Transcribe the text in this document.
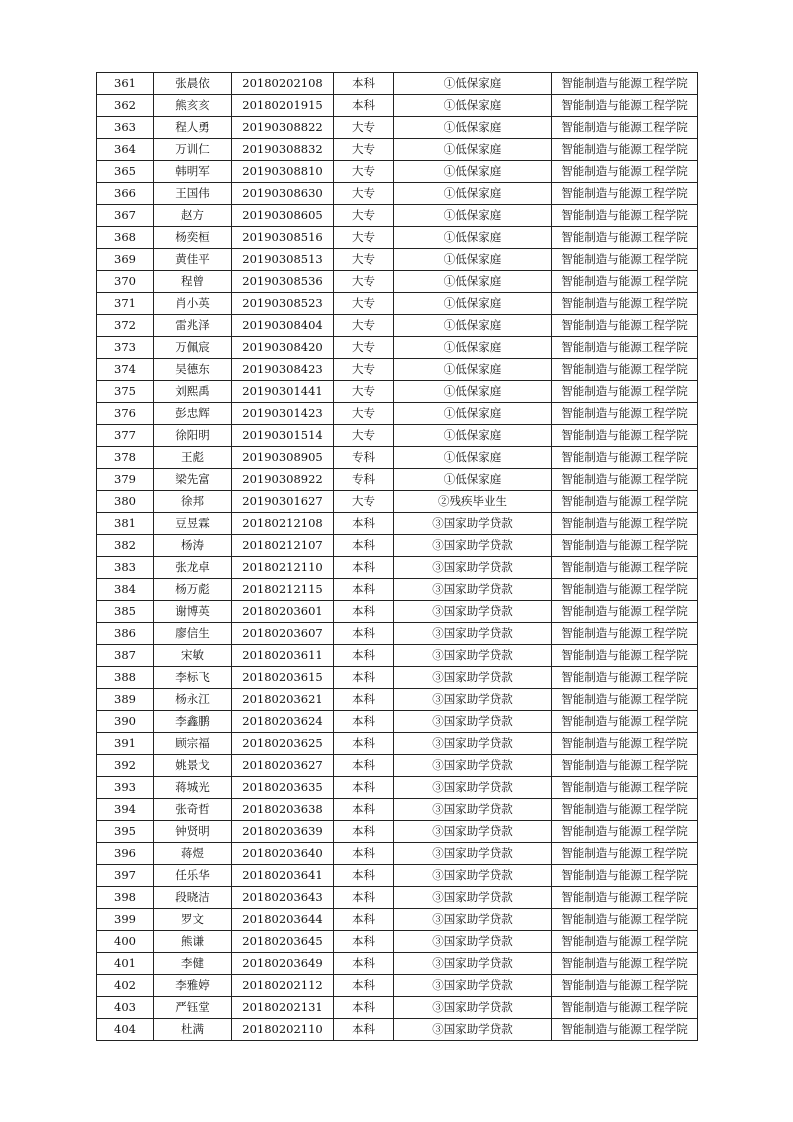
361	张晨依	20180202108	本科	①低保家庭	智能制造与能源工程学院
362	熊亥亥	20180201915	本科	①低保家庭	智能制造与能源工程学院
363	程人勇	20190308822	大专	①低保家庭	智能制造与能源工程学院
364	万训仁	20190308832	大专	①低保家庭	智能制造与能源工程学院
365	韩明军	20190308810	大专	①低保家庭	智能制造与能源工程学院
366	王国伟	20190308630	大专	①低保家庭	智能制造与能源工程学院
367	赵方	20190308605	大专	①低保家庭	智能制造与能源工程学院
368	杨奕桓	20190308516	大专	①低保家庭	智能制造与能源工程学院
369	黄佳平	20190308513	大专	①低保家庭	智能制造与能源工程学院
370	程曾	20190308536	大专	①低保家庭	智能制造与能源工程学院
371	肖小英	20190308523	大专	①低保家庭	智能制造与能源工程学院
372	雷兆泽	20190308404	大专	①低保家庭	智能制造与能源工程学院
373	万佩宸	20190308420	大专	①低保家庭	智能制造与能源工程学院
374	吴德东	20190308423	大专	①低保家庭	智能制造与能源工程学院
375	刘熙禹	20190301441	大专	①低保家庭	智能制造与能源工程学院
376	彭忠辉	20190301423	大专	①低保家庭	智能制造与能源工程学院
377	徐阳明	20190301514	大专	①低保家庭	智能制造与能源工程学院
378	王彪	20190308905	专科	①低保家庭	智能制造与能源工程学院
379	梁先富	20190308922	专科	①低保家庭	智能制造与能源工程学院
380	徐邦	20190301627	大专	②残疾毕业生	智能制造与能源工程学院
381	豆昱霖	20180212108	本科	③国家助学贷款	智能制造与能源工程学院
382	杨涛	20180212107	本科	③国家助学贷款	智能制造与能源工程学院
383	张龙卓	20180212110	本科	③国家助学贷款	智能制造与能源工程学院
384	杨万彪	20180212115	本科	③国家助学贷款	智能制造与能源工程学院
385	谢博英	20180203601	本科	③国家助学贷款	智能制造与能源工程学院
386	廖信生	20180203607	本科	③国家助学贷款	智能制造与能源工程学院
387	宋敏	20180203611	本科	③国家助学贷款	智能制造与能源工程学院
388	李标飞	20180203615	本科	③国家助学贷款	智能制造与能源工程学院
389	杨永江	20180203621	本科	③国家助学贷款	智能制造与能源工程学院
390	李鑫鹏	20180203624	本科	③国家助学贷款	智能制造与能源工程学院
391	顾宗福	20180203625	本科	③国家助学贷款	智能制造与能源工程学院
392	姚景戈	20180203627	本科	③国家助学贷款	智能制造与能源工程学院
393	蒋城光	20180203635	本科	③国家助学贷款	智能制造与能源工程学院
394	张奇哲	20180203638	本科	③国家助学贷款	智能制造与能源工程学院
395	钟贤明	20180203639	本科	③国家助学贷款	智能制造与能源工程学院
396	蒋煜	20180203640	本科	③国家助学贷款	智能制造与能源工程学院
397	任乐华	20180203641	本科	③国家助学贷款	智能制造与能源工程学院
398	段晓洁	20180203643	本科	③国家助学贷款	智能制造与能源工程学院
399	罗文	20180203644	本科	③国家助学贷款	智能制造与能源工程学院
400	熊谦	20180203645	本科	③国家助学贷款	智能制造与能源工程学院
401	李健	20180203649	本科	③国家助学贷款	智能制造与能源工程学院
402	李雅婷	20180202112	本科	③国家助学贷款	智能制造与能源工程学院
403	严钰堂	20180202131	本科	③国家助学贷款	智能制造与能源工程学院
404	杜满	20180202110	本科	③国家助学贷款	智能制造与能源工程学院
